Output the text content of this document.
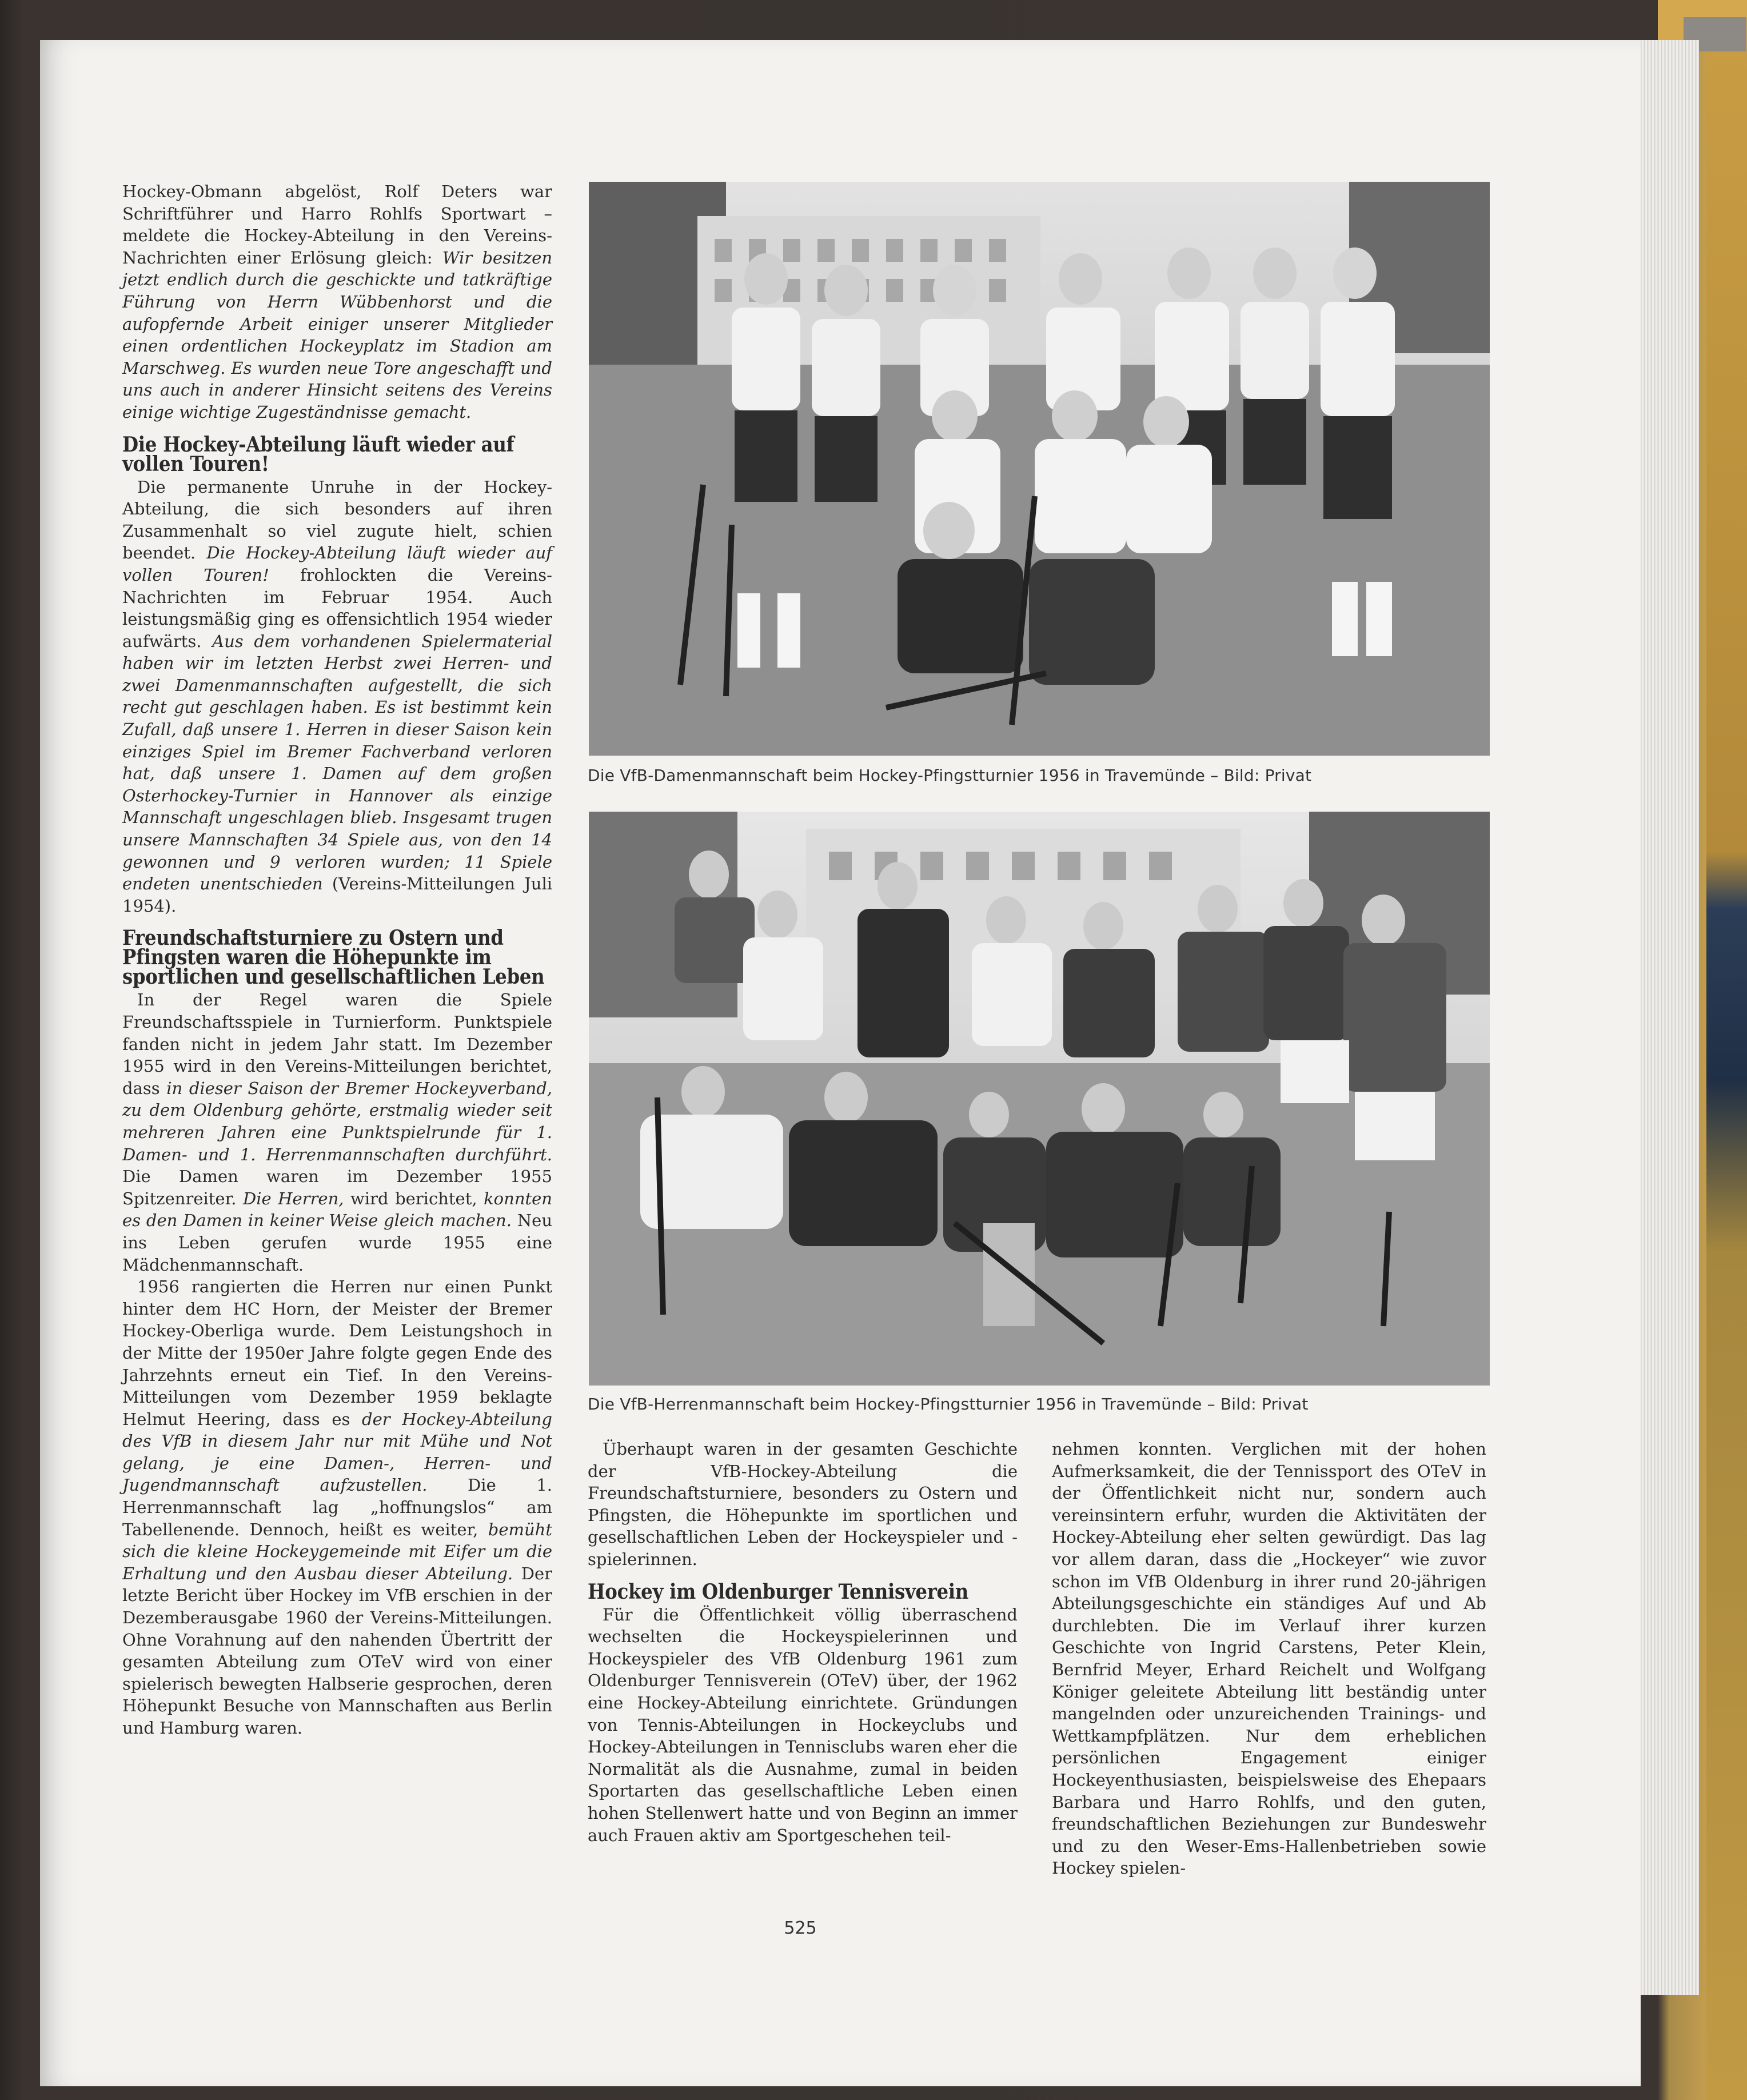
Hockey-Obmann abgelöst, Rolf Deters war Schriftführer und Harro Rohlfs Sportwart – meldete die Hockey-Abteilung in den Vereins-Nachrichten einer Erlösung gleich: Wir besitzen jetzt endlich durch die geschickte und tatkräftige Führung von Herrn Wübbenhorst und die aufopfernde Arbeit einiger unserer Mitglieder einen ordentlichen Hockeyplatz im Stadion am Marschweg. Es wurden neue Tore angeschafft und uns auch in anderer Hinsicht seitens des Vereins einige wichtige Zugeständnisse gemacht.

Die Hockey-Abteilung läuft wieder auf vollen Touren!

Die permanente Unruhe in der Hockey-Abteilung, die sich besonders auf ihren Zusammenhalt so viel zugute hielt, schien beendet. Die Hockey-Abteilung läuft wieder auf vollen Touren! frohlockten die Vereins-Nachrichten im Februar 1954. Auch leistungsmäßig ging es offensichtlich 1954 wieder aufwärts. Aus dem vorhandenen Spielermaterial haben wir im letzten Herbst zwei Herren- und zwei Damenmannschaften aufgestellt, die sich recht gut geschlagen haben. Es ist bestimmt kein Zufall, daß unsere 1. Herren in dieser Saison kein einziges Spiel im Bremer Fachverband verloren hat, daß unsere 1. Damen auf dem großen Osterhockey-Turnier in Hannover als einzige Mannschaft ungeschlagen blieb. Insgesamt trugen unsere Mannschaften 34 Spiele aus, von den 14 gewonnen und 9 verloren wurden; 11 Spiele endeten unentschieden (Vereins-Mitteilungen Juli 1954).

Freundschaftsturniere zu Ostern und Pfingsten waren die Höhepunkte im sportlichen und gesellschaftlichen Leben

In der Regel waren die Spiele Freundschaftsspiele in Turnierform. Punktspiele fanden nicht in jedem Jahr statt. Im Dezember 1955 wird in den Vereins-Mitteilungen berichtet, dass in dieser Saison der Bremer Hockeyverband, zu dem Oldenburg gehörte, erstmalig wieder seit mehreren Jahren eine Punktspielrunde für 1. Damen- und 1. Herrenmannschaften durchführt. Die Damen waren im Dezember 1955 Spitzenreiter. Die Herren, wird berichtet, konnten es den Damen in keiner Weise gleich machen. Neu ins Leben gerufen wurde 1955 eine Mädchenmannschaft.

1956 rangierten die Herren nur einen Punkt hinter dem HC Horn, der Meister der Bremer Hockey-Oberliga wurde. Dem Leistungshoch in der Mitte der 1950er Jahre folgte gegen Ende des Jahrzehnts erneut ein Tief. In den Vereins-Mitteilungen vom Dezember 1959 beklagte Helmut Heering, dass es der Hockey-Abteilung des VfB in diesem Jahr nur mit Mühe und Not gelang, je eine Damen-, Herren- und Jugendmannschaft aufzustellen. Die 1. Herrenmannschaft lag „hoffnungslos“ am Tabellenende. Dennoch, heißt es weiter, bemüht sich die kleine Hockeygemeinde mit Eifer um die Erhaltung und den Ausbau dieser Abteilung. Der letzte Bericht über Hockey im VfB erschien in der Dezemberausgabe 1960 der Vereins-Mitteilungen. Ohne Vorahnung auf den nahenden Übertritt der gesamten Abteilung zum OTeV wird von einer spielerisch bewegten Halbserie gesprochen, deren Höhepunkt Besuche von Mannschaften aus Berlin und Hamburg waren.

Die VfB-Damenmannschaft beim Hockey-Pfingstturnier 1956 in Travemünde – Bild: Privat
Die VfB-Herrenmannschaft beim Hockey-Pfingstturnier 1956 in Travemünde – Bild: Privat

Überhaupt waren in der gesamten Geschichte der VfB-Hockey-Abteilung die Freundschaftsturniere, besonders zu Ostern und Pfingsten, die Höhepunkte im sportlichen und gesellschaftlichen Leben der Hockeyspieler und -spielerinnen.

Hockey im Oldenburger Tennisverein

Für die Öffentlichkeit völlig überraschend wechselten die Hockeyspielerinnen und Hockeyspieler des VfB Oldenburg 1961 zum Oldenburger Tennisverein (OTeV) über, der 1962 eine Hockey-Abteilung einrichtete. Gründungen von Tennis-Abteilungen in Hockeyclubs und Hockey-Abteilungen in Tennisclubs waren eher die Normalität als die Ausnahme, zumal in beiden Sportarten das gesellschaftliche Leben einen hohen Stellenwert hatte und von Beginn an immer auch Frauen aktiv am Sportgeschehen teil-

nehmen konnten. Verglichen mit der hohen Aufmerksamkeit, die der Tennissport des OTeV in der Öffentlichkeit nicht nur, sondern auch vereinsintern erfuhr, wurden die Aktivitäten der Hockey-Abteilung eher selten gewürdigt. Das lag vor allem daran, dass die „Hockeyer“ wie zuvor schon im VfB Oldenburg in ihrer rund 20-jährigen Abteilungsgeschichte ein ständiges Auf und Ab durchlebten. Die im Verlauf ihrer kurzen Geschichte von Ingrid Carstens, Peter Klein, Bernfrid Meyer, Erhard Reichelt und Wolfgang Königer geleitete Abteilung litt beständig unter mangelnden oder unzureichenden Trainings- und Wettkampfplätzen. Nur dem erheblichen persönlichen Engagement einiger Hockeyenthusiasten, beispielsweise des Ehepaars Barbara und Harro Rohlfs, und den guten, freundschaftlichen Beziehungen zur Bundeswehr und zu den Weser-Ems-Hallenbetrieben sowie Hockey spielen-

525
